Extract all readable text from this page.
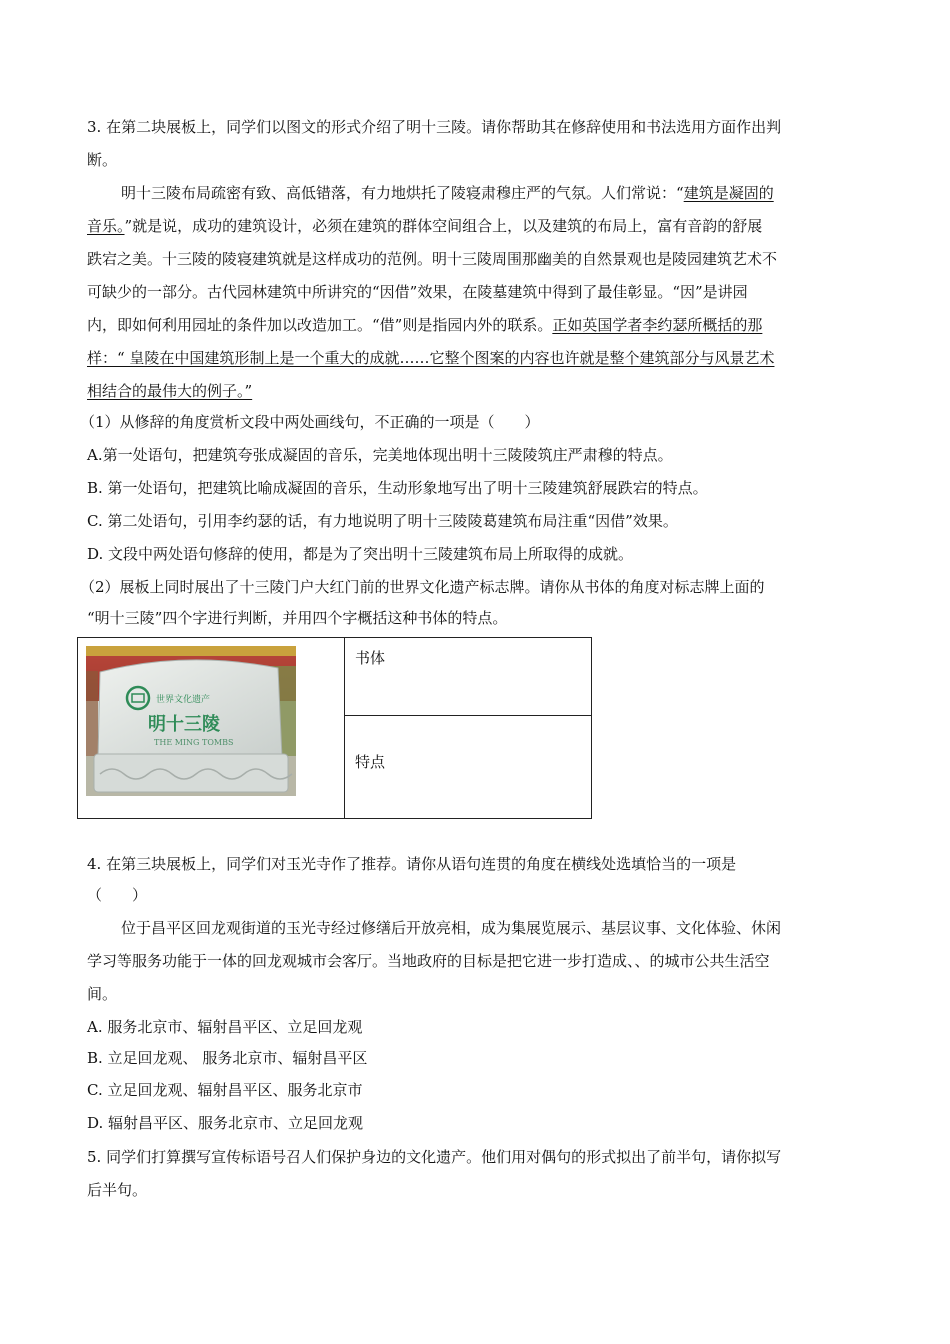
3. 在第二块展板上，同学们以图文的形式介绍了明十三陵。请你帮助其在修辞使用和书法选用方面作出判
断。
明十三陵布局疏密有致、高低错落，有力地烘托了陵寝肃穆庄严的气氛。人们常说：“建筑是凝固的
音乐。”就是说，成功的建筑设计，必须在建筑的群体空间组合上，以及建筑的布局上，富有音韵的舒展
跌宕之美。十三陵的陵寝建筑就是这样成功的范例。明十三陵周围那幽美的自然景观也是陵园建筑艺术不
可缺少的一部分。古代园林建筑中所讲究的“因借”效果，在陵墓建筑中得到了最佳彰显。“因”是讲园
内，即如何利用园址的条件加以改造加工。“借”则是指园内外的联系。正如英国学者李约瑟所概括的那
样：“ 皇陵在中国建筑形制上是一个重大的成就……它整个图案的内容也许就是整个建筑部分与风景艺术
相结合的最伟大的例子。”
（1）从修辞的角度赏析文段中两处画线句，不正确的一项是（　　）
A.第一处语句，把建筑夸张成凝固的音乐，完美地体现出明十三陵陵筑庄严肃穆的特点。
B. 第一处语句，把建筑比喻成凝固的音乐，生动形象地写出了明十三陵建筑舒展跌宕的特点。
C. 第二处语句，引用李约瑟的话，有力地说明了明十三陵陵葛建筑布局注重“因借”效果。
D. 文段中两处语句修辞的使用，都是为了突出明十三陵建筑布局上所取得的成就。
（2）展板上同时展出了十三陵门户大红门前的世界文化遗产标志牌。请你从书体的角度对标志牌上面的
“明十三陵”四个字进行判断，并用四个字概括这种书体的特点。
世界文化遗产
明十三陵
THE MING TOMBS

书体

特点
4. 在第三块展板上，同学们对玉光寺作了推荐。请你从语句连贯的角度在横线处选填恰当的一项是
（　　）
位于昌平区回龙观街道的玉光寺经过修缮后开放亮相，成为集展览展示、基层议事、文化体验、休闲
学习等服务功能于一体的回龙观城市会客厅。当地政府的目标是把它进一步打造成、、的城市公共生活空
间。
A. 服务北京市、辐射昌平区、立足回龙观
B. 立足回龙观、 服务北京市、辐射昌平区
C. 立足回龙观、辐射昌平区、服务北京市
D. 辐射昌平区、服务北京市、立足回龙观
5. 同学们打算撰写宣传标语号召人们保护身边的文化遗产。他们用对偶句的形式拟出了前半句，请你拟写
后半句。
